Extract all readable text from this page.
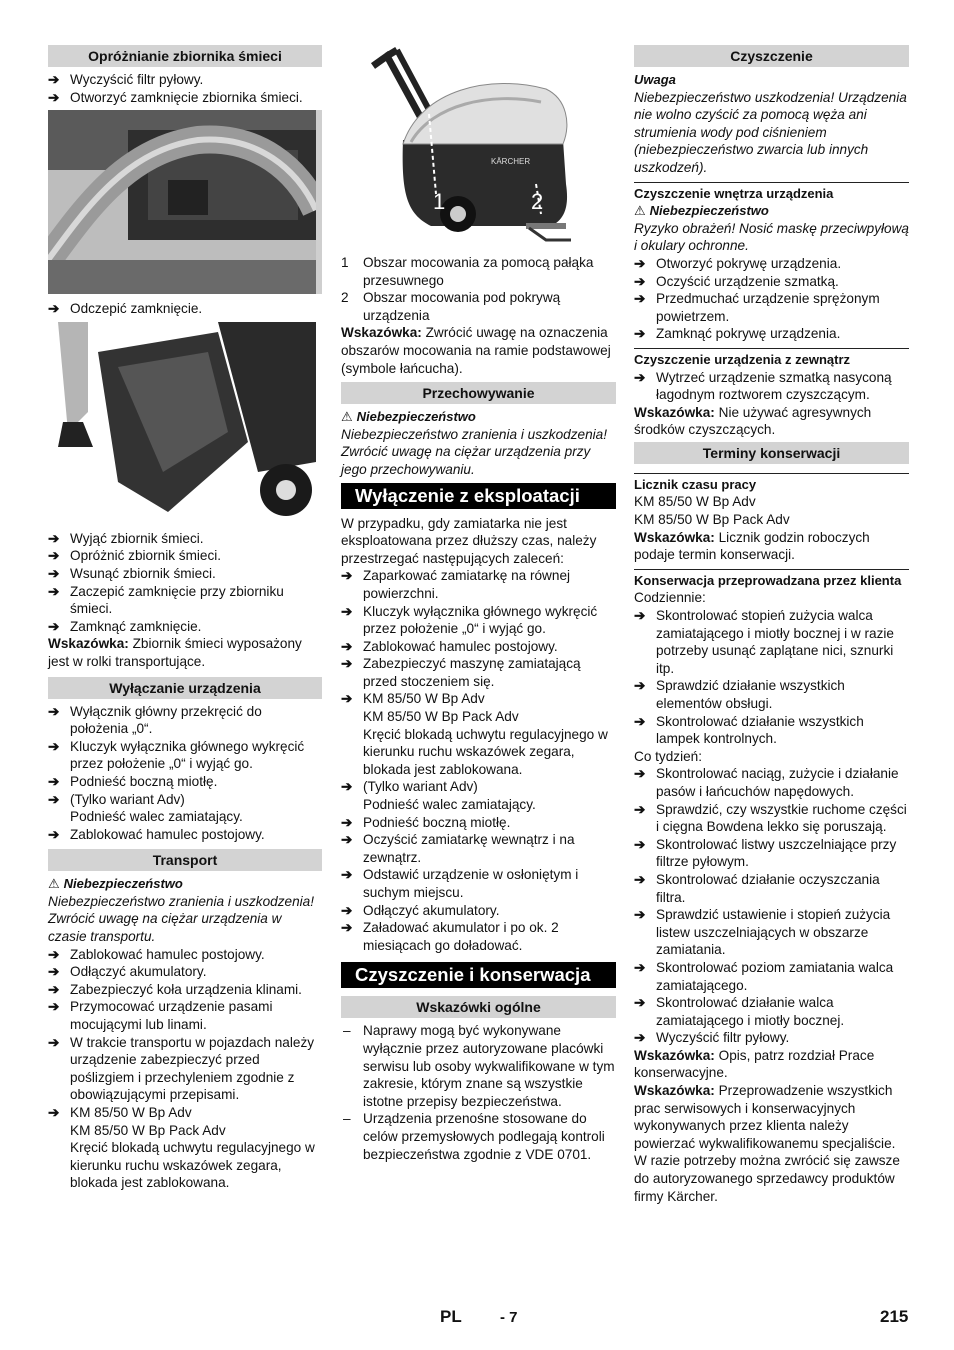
Opróżnianie zbiornika śmieci
➔ Wyczyścić filtr pyłowy.
➔ Otworzyć zamknięcie zbiornika śmieci.
➔ Odczepić zamknięcie.
➔ Wyjąć zbiornik śmieci.
➔ Opróżnić zbiornik śmieci.
➔ Wsunąć zbiornik śmieci.
➔ Zaczepić zamknięcie przy zbiorniku śmieci.
➔ Zamknąć zamknięcie.
Wskazówka: Zbiornik śmieci wyposażony jest w rolki transportujące.
Wyłączanie urządzenia
➔ Wyłącznik główny przekręcić do położenia „0“.
➔ Kluczyk wyłącznika głównego wykręcić przez położenie „0“ i wyjąć go.
➔ Podnieść boczną miotłę.
➔ (Tylko wariant Adv)
Podnieść walec zamiatający.
➔ Zablokować hamulec postojowy.
Transport
⚠ Niebezpieczeństwo
Niebezpieczeństwo zranienia i uszkodzenia! Zwrócić uwagę na ciężar urządzenia w czasie transportu.
➔ Zablokować hamulec postojowy.
➔ Odłączyć akumulatory.
➔ Zabezpieczyć koła urządzenia klinami.
➔ Przymocować urządzenie pasami mocującymi lub linami.
➔ W trakcie transportu w pojazdach należy urządzenie zabezpieczyć przed poślizgiem i przechyleniem zgodnie z obowiązującymi przepisami.
➔ KM 85/50 W Bp Adv
KM 85/50 W Bp Pack Adv
Kręcić blokadą uchwytu regulacyjnego w kierunku ruchu wskazówek zegara, blokada jest zablokowana.
KÄRCHER
1	2
1 Obszar mocowania za pomocą pałąka przesuwnego
2 Obszar mocowania pod pokrywą urządzenia
Wskazówka: Zwrócić uwagę na oznaczenia obszarów mocowania na ramie podstawowej (symbole łańcucha).
Przechowywanie
⚠ Niebezpieczeństwo
Niebezpieczeństwo zranienia i uszkodzenia! Zwrócić uwagę na ciężar urządzenia przy jego przechowywaniu.
Wyłączenie z eksploatacji
W przypadku, gdy zamiatarka nie jest eksploatowana przez dłuższy czas, należy przestrzegać następujących zaleceń:
➔ Zaparkować zamiatarkę na równej powierzchni.
➔ Kluczyk wyłącznika głównego wykręcić przez położenie „0“ i wyjąć go.
➔ Zablokować hamulec postojowy.
➔ Zabezpieczyć maszynę zamiatającą przed stoczeniem się.
➔ KM 85/50 W Bp Adv
KM 85/50 W Bp Pack Adv
Kręcić blokadą uchwytu regulacyjnego w kierunku ruchu wskazówek zegara, blokada jest zablokowana.
➔ (Tylko wariant Adv)
Podnieść walec zamiatający.
➔ Podnieść boczną miotłę.
➔ Oczyścić zamiatarkę wewnątrz i na zewnątrz.
➔ Odstawić urządzenie w osłoniętym i suchym miejscu.
➔ Odłączyć akumulatory.
➔ Załadować akumulator i po ok. 2 miesiącach go doładować.
Czyszczenie i konserwacja
Wskazówki ogólne
– Naprawy mogą być wykonywane wyłącznie przez autoryzowane placówki serwisu lub osoby wykwalifikowane w tym zakresie, którym znane są wszystkie istotne przepisy bezpieczeństwa.
– Urządzenia przenośne stosowane do celów przemysłowych podlegają kontroli bezpieczeństwa zgodnie z VDE 0701.
Czyszczenie
Uwaga
Niebezpieczeństwo uszkodzenia! Urządzenia nie wolno czyścić za pomocą węża ani strumienia wody pod ciśnieniem (niebezpieczeństwo zwarcia lub innych uszkodzeń).
Czyszczenie wnętrza urządzenia
⚠ Niebezpieczeństwo
Ryzyko obrażeń! Nosić maskę przeciwpyłową i okulary ochronne.
➔ Otworzyć pokrywę urządzenia.
➔ Oczyścić urządzenie szmatką.
➔ Przedmuchać urządzenie sprężonym powietrzem.
➔ Zamknąć pokrywę urządzenia.
Czyszczenie urządzenia z zewnątrz
➔ Wytrzeć urządzenie szmatką nasyconą łagodnym roztworem czyszczącym.
Wskazówka: Nie używać agresywnych środków czyszczących.
Terminy konserwacji
Licznik czasu pracy
KM 85/50 W Bp Adv
KM 85/50 W Bp Pack Adv
Wskazówka: Licznik godzin roboczych podaje termin konserwacji.
Konserwacja przeprowadzana przez klienta
Codziennie:
➔ Skontrolować stopień zużycia walca zamiatającego i miotły bocznej i w razie potrzeby usunąć zaplątane nici, sznurki itp.
➔ Sprawdzić działanie wszystkich elementów obsługi.
➔ Skontrolować działanie wszystkich lampek kontrolnych.
Co tydzień:
➔ Skontrolować naciąg, zużycie i działanie pasów i łańcuchów napędowych.
➔ Sprawdzić, czy wszystkie ruchome części i cięgna Bowdena lekko się poruszają.
➔ Skontrolować listwy uszczelniające przy filtrze pyłowym.
➔ Skontrolować działanie oczyszczania filtra.
➔ Sprawdzić ustawienie i stopień zużycia listew uszczelniających w obszarze zamiatania.
➔ Skontrolować poziom zamiatania walca zamiatającego.
➔ Skontrolować działanie walca zamiatającego i miotły bocznej.
➔ Wyczyścić filtr pyłowy.
Wskazówka: Opis, patrz rozdział Prace konserwacyjne.
Wskazówka: Przeprowadzenie wszystkich prac serwisowych i konserwacyjnych wykonywanych przez klienta należy powierzać wykwalifikowanemu specjaliście. W razie potrzeby można zwrócić się zawsze do autoryzowanego sprzedawcy produktów firmy Kärcher.
PL	- 7	215
